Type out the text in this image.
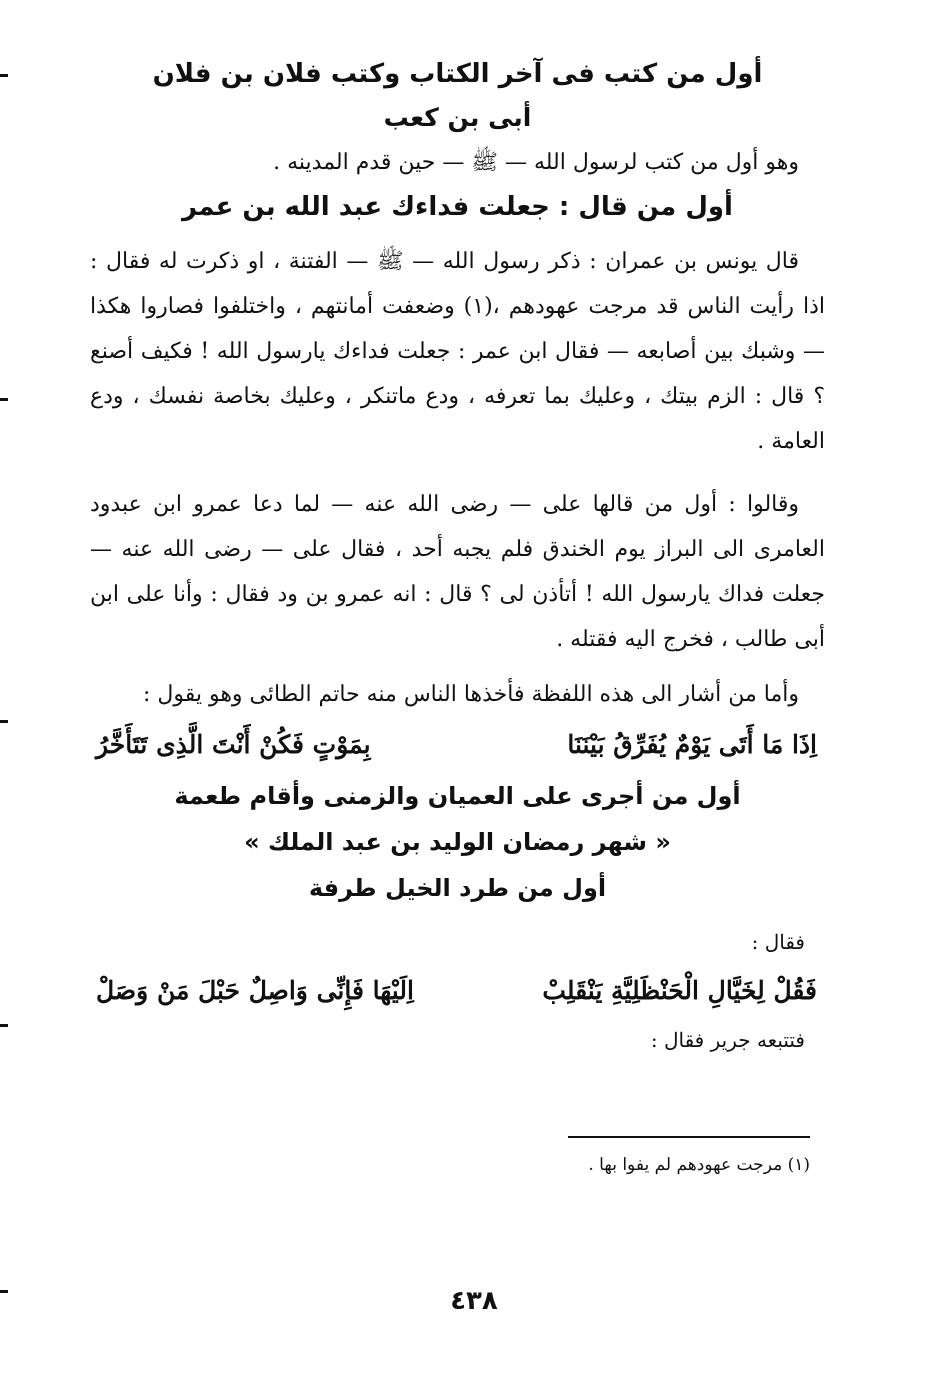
أول من كتب فى آخر الكتاب وكتب فلان بن فلان

أبى بن كعب

وهو أول من كتب لرسول الله — ﷺ — حين قدم المدينه .

أول من قال : جعلت فداءك عبد الله بن عمر

قال يونس بن عمران : ذكر رسول الله — ﷺ — الفتنة ، او ذكرت له فقال : اذا رأيت الناس قد مرجت عهودهم ،(١) وضعفت أمانتهم ، واختلفوا فصاروا هكذا — وشبك بين أصابعه — فقال ابن عمر : جعلت فداءك يارسول الله ! فكيف أصنع ؟ قال : الزم بيتك ، وعليك بما تعرفه ، ودع ماتنكر ، وعليك بخاصة نفسك ، ودع العامة .

وقالوا : أول من قالها على — رضى الله عنه — لما دعا عمرو ابن عبدود العامرى الى البراز يوم الخندق فلم يجبه أحد ، فقال على — رضى الله عنه — جعلت فداك يارسول الله ! أتأذن لى ؟ قال : انه عمرو بن ود فقال : وأنا على ابن أبى طالب ، فخرج اليه فقتله .

وأما من أشار الى هذه اللفظة فأخذها الناس منه حاتم الطائى وهو يقول :

اِذَا مَا أَتَى يَوْمٌ يُفَرِّقُ بَيْنَنَا
بِمَوْتٍ فَكُنْ أَنْتَ الَّذِى تَتَأَخَّرُ

أول من أجرى على العميان والزمنى وأقام طعمة

« شهر رمضان الوليد بن عبد الملك »

أول من طرد الخيل طرفة

فقال :

فَقُلْ لِخَيَّالِ الْحَنْظَلِيَّةِ يَنْقَلِبْ
اِلَيْهَا فَإِنِّى وَاصِلٌ حَبْلَ مَنْ وَصَلْ

فتتبعه جرير فقال :

(١) مرجت عهودهم لم يفوا بها .
٤٣٨
